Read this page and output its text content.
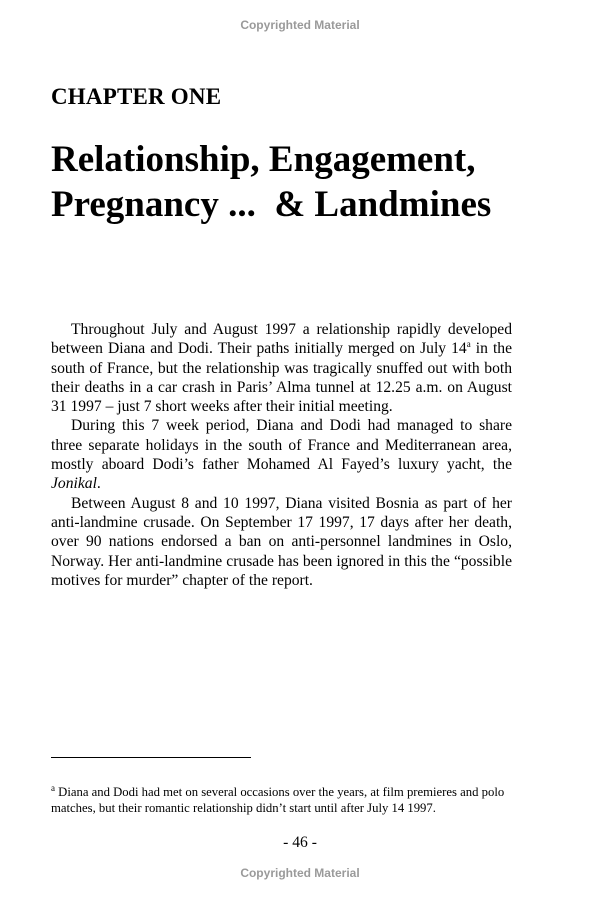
Copyrighted Material
CHAPTER ONE
Relationship, Engagement,
Pregnancy ...  & Landmines

Throughout July and August 1997 a relationship rapidly developed between Diana and Dodi. Their paths initially merged on July 14$^a$ in the south of France, but the relationship was tragically snuffed out with both their deaths in a car crash in Paris’ Alma tunnel at 12.25 a.m. on August 31 1997 – just 7 short weeks after their initial meeting.

During this 7 week period, Diana and Dodi had managed to share three separate holidays in the south of France and Mediterranean area, mostly aboard Dodi’s father Mohamed Al Fayed’s luxury yacht, the Jonikal.

Between August 8 and 10 1997, Diana visited Bosnia as part of her anti-landmine crusade. On September 17 1997, 17 days after her death, over 90 nations endorsed a ban on anti-personnel landmines in Oslo, Norway. Her anti-landmine crusade has been ignored in this the “possible motives for murder” chapter of the report.

$^a$ Diana and Dodi had met on several occasions over the years, at film premieres and polo matches, but their romantic relationship didn’t start until after July 14 1997.
- 46 -
Copyrighted Material
